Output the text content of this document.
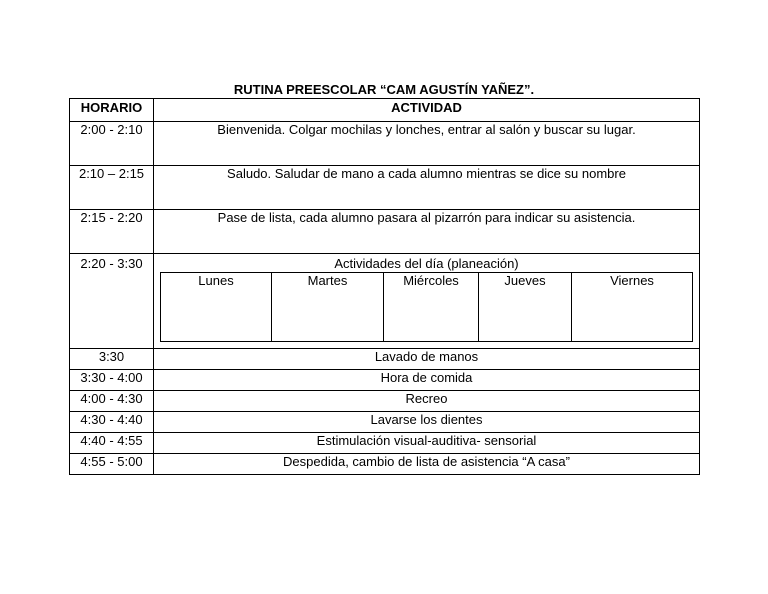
RUTINA PREESCOLAR “CAM AGUSTÍN YAÑEZ”.
HORARIO	ACTIVIDAD
2:00 - 2:10	Bienvenida. Colgar mochilas y lonches, entrar al salón y buscar su lugar.
2:10 – 2:15	Saludo. Saludar de mano a cada alumno mientras se dice su nombre
2:15 - 2:20	Pase de lista, cada alumno pasara al pizarrón para indicar su asistencia.
2:20 - 3:30	Actividades del día (planeación)
Lunes	Martes	Miércoles	Jueves	Viernes

3:30	Lavado de manos
3:30 - 4:00	Hora de comida
4:00 - 4:30	Recreo
4:30 - 4:40	Lavarse los dientes
4:40 - 4:55	Estimulación visual-auditiva- sensorial
4:55 - 5:00	Despedida, cambio de lista de asistencia “A casa”
